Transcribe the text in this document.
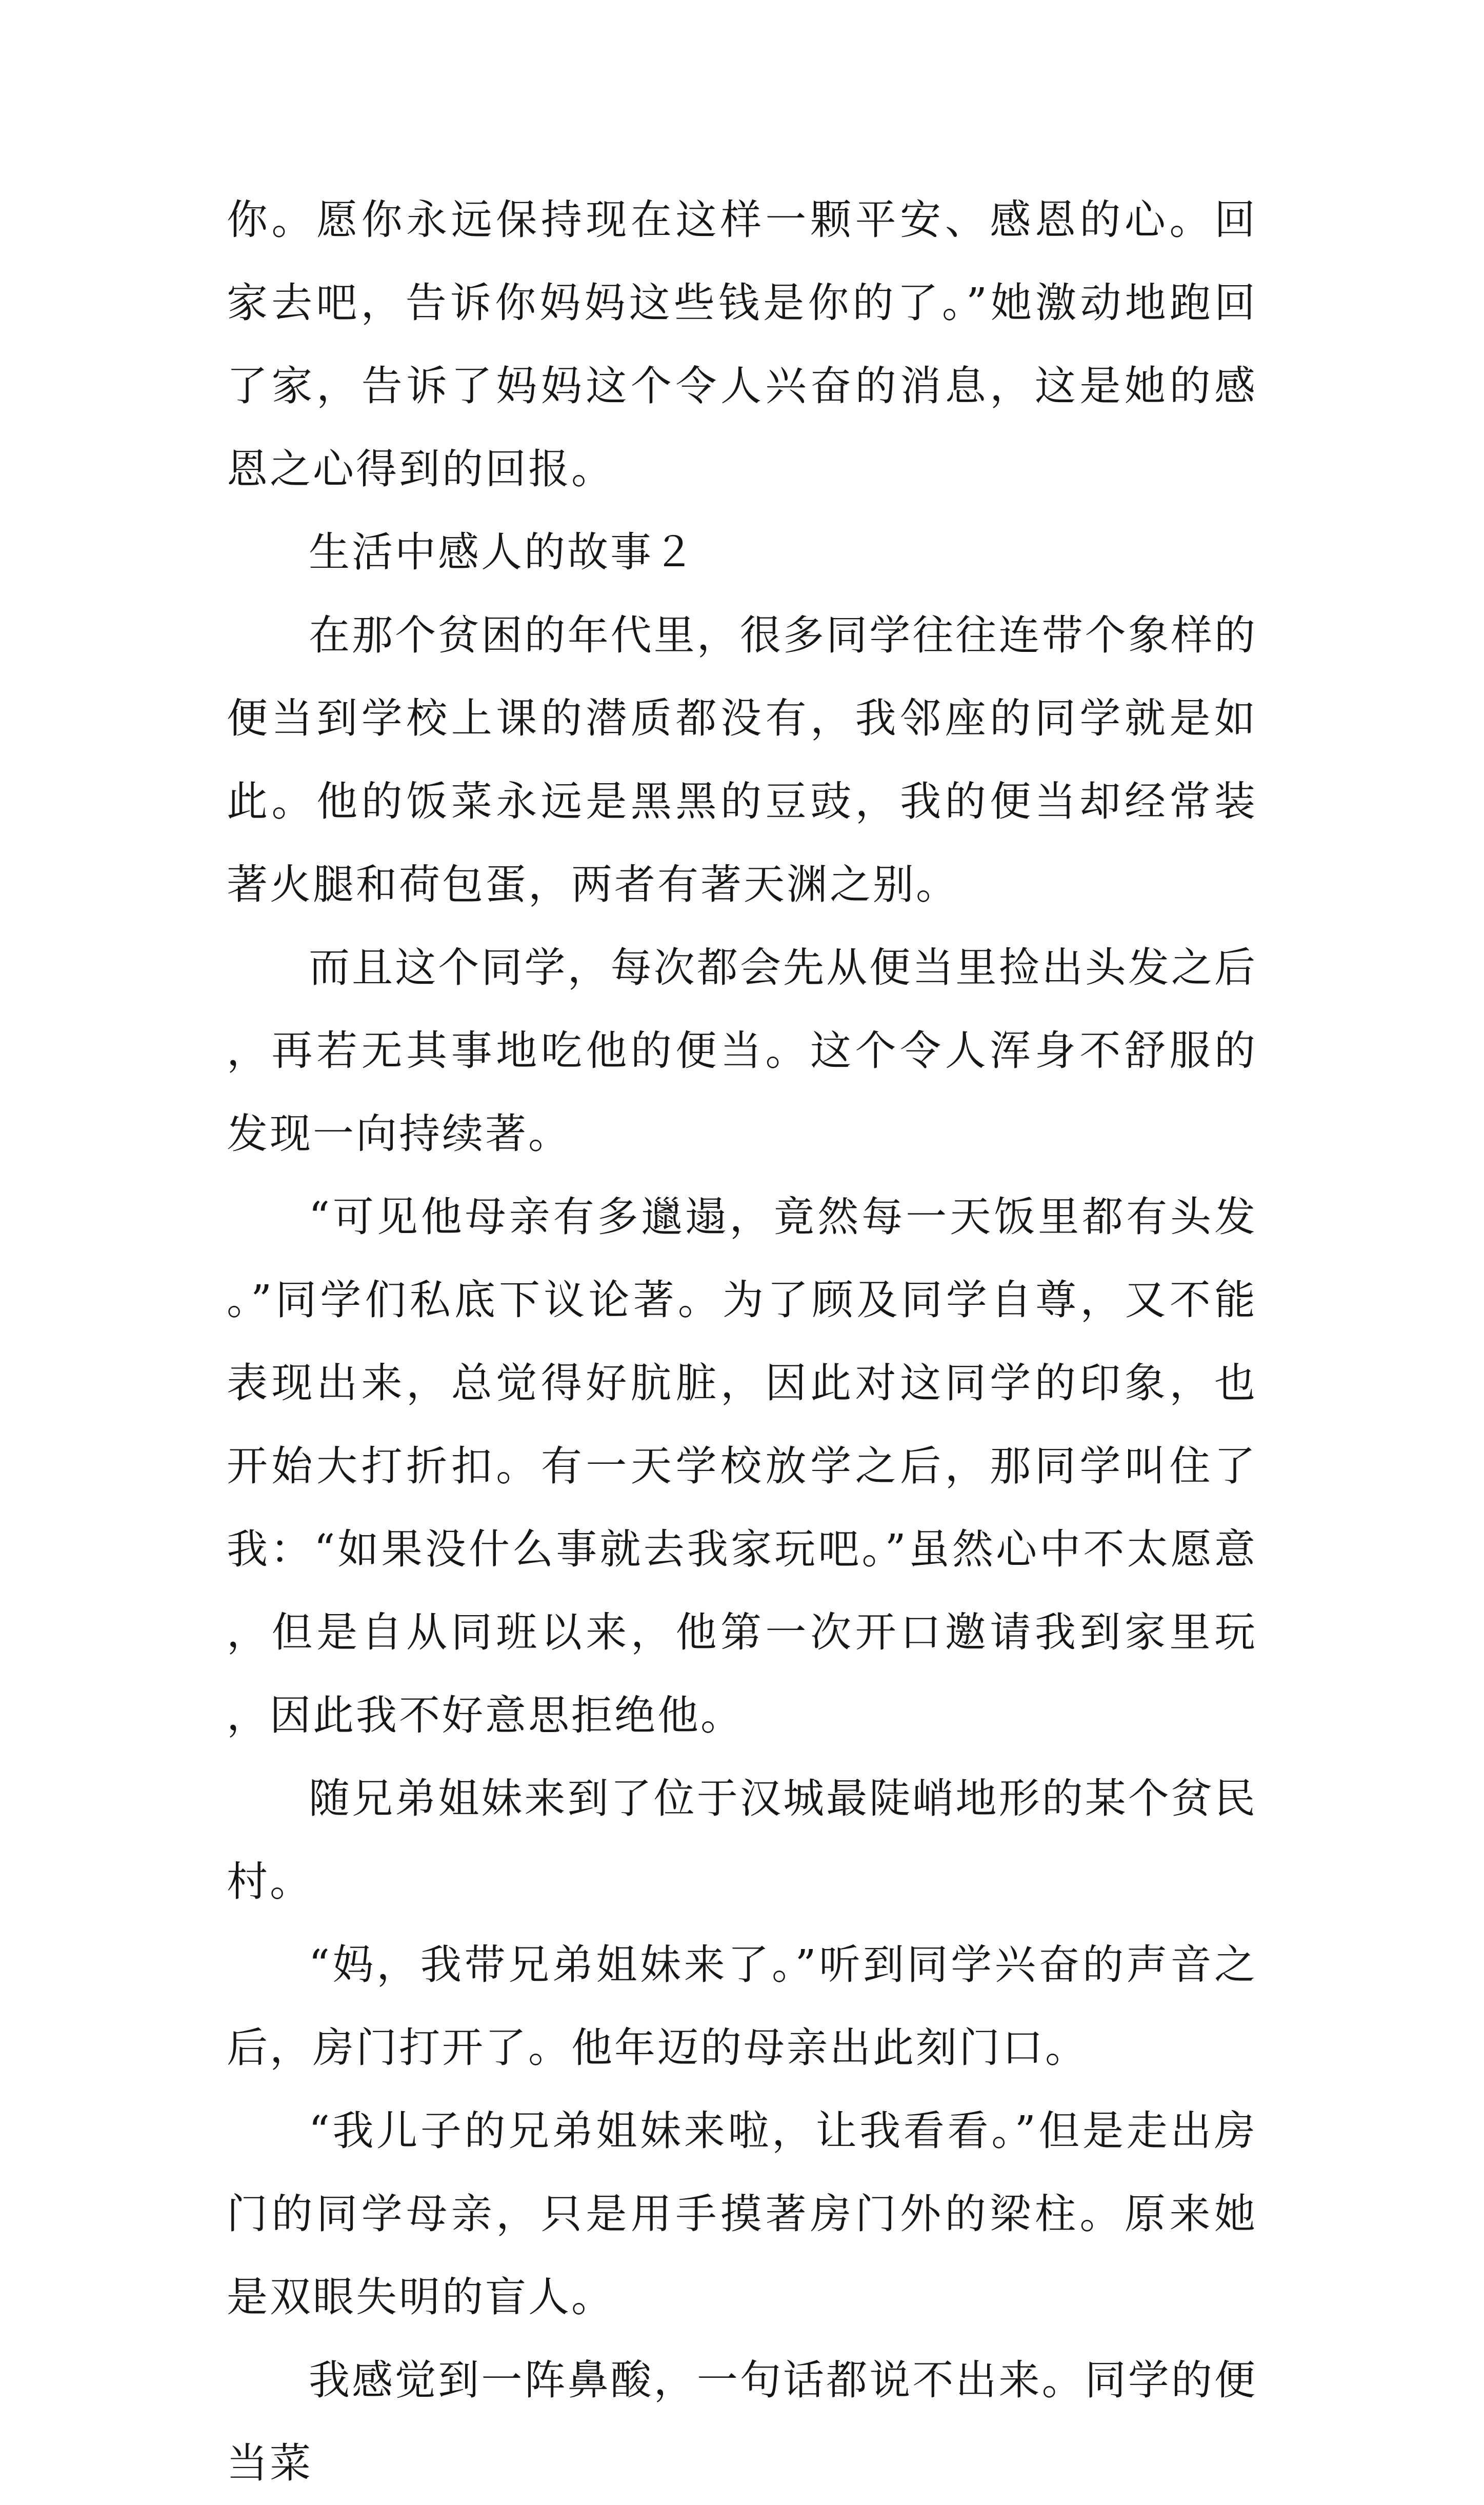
你。愿你永远保持现在这样一颗平安、感恩的心。回家去吧，告诉你妈妈这些钱是你的了。”她激动地跑回了家，告诉了妈妈这个令人兴奋的消息，这是她的感恩之心得到的回报。

生活中感人的故事２

在那个贫困的年代里，很多同学往往连带个象样的便当到学校上课的潜质都没有，我邻座的同学就是如此。他的饭菜永远是黑黑的豆豉，我的便当却经常装著火腿和荷包蛋，两者有著天渊之别。

而且这个同学，每次都会先从便当里捡出头发之后，再若无其事地吃他的便当。这个令人浑身不舒服的发现一向持续著。

“可见他母亲有多邋遢，竟然每一天饭里都有头发。”同学们私底下议论著。为了顾及同学自尊，又不能表现出来，总觉得好肮脏，因此对这同学的印象，也开始大打折扣。有一天学校放学之后，那同学叫住了我：“如果没什么事就去我家玩吧。”虽然心中不太愿意，但是自从同班以来，他第一次开口邀请我到家里玩，因此我不好意思拒绝他。

随兄弟姐妹来到了位于汉城最陡峭地形的某个贫民村。

“妈，我带兄弟姐妹来了。”听到同学兴奋的声音之后，房门打开了。他年迈的母亲出此刻门口。

“我儿子的兄弟姐妹来啦，让我看看。”但是走出房门的同学母亲，只是用手摸著房门外的梁柱。原来她是双眼失明的盲人。

我感觉到一阵鼻酸，一句话都说不出来。同学的便当菜
